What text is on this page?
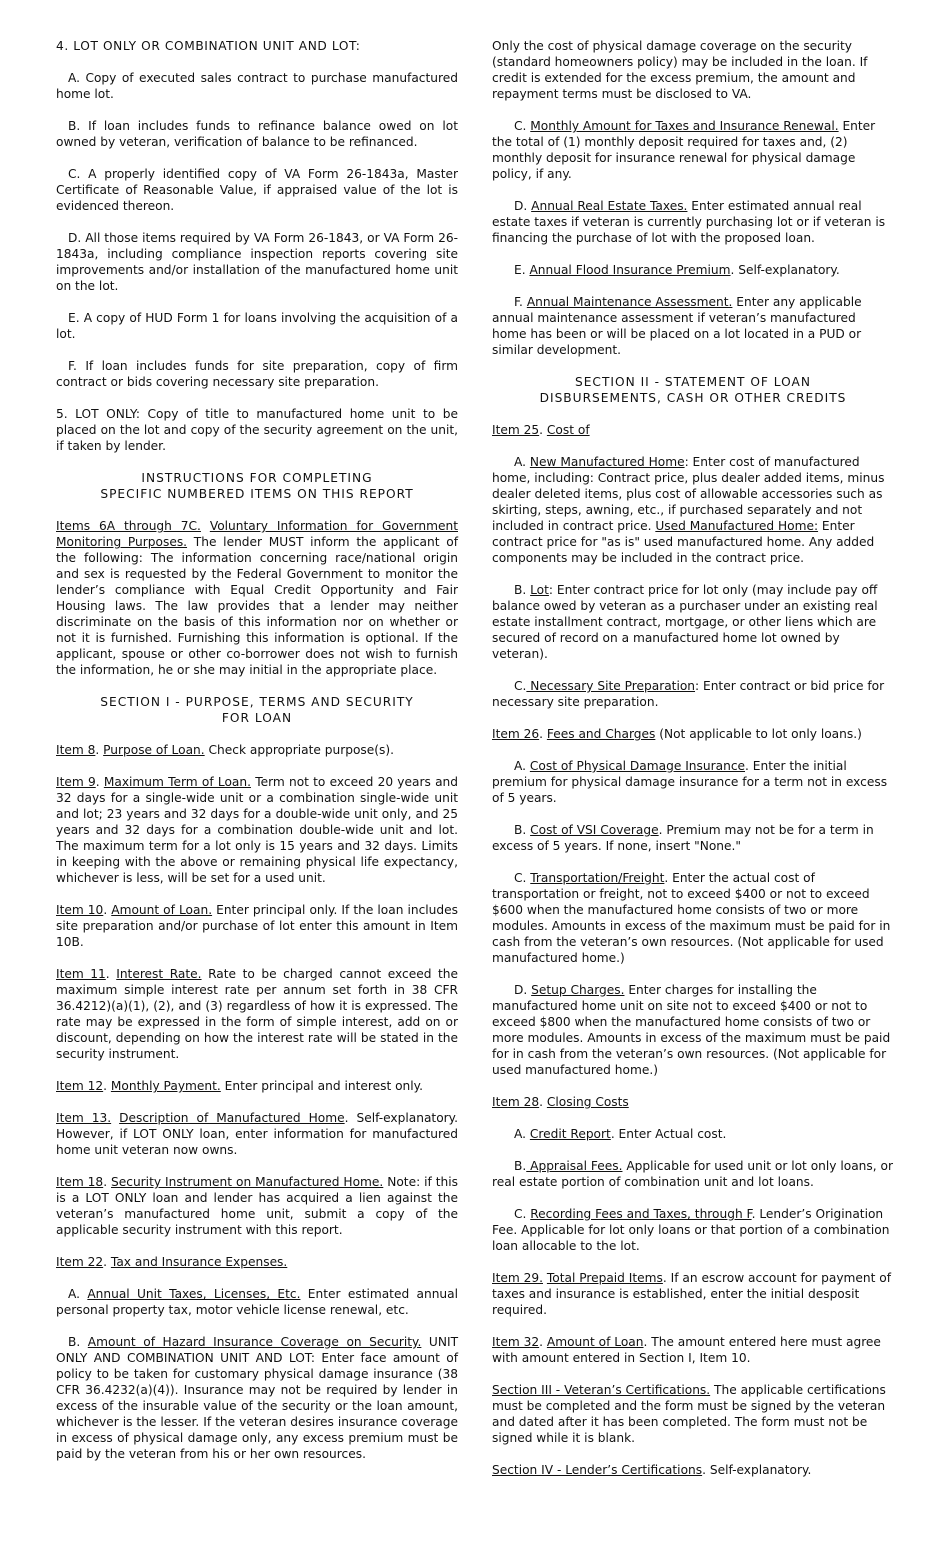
4. LOT ONLY OR COMBINATION UNIT AND LOT:

A. Copy of executed sales contract to purchase manufactured home lot.

B. If loan includes funds to refinance balance owed on lot owned by veteran, verification of balance to be refinanced.

C. A properly identified copy of VA Form 26-1843a, Master Certificate of Reasonable Value, if appraised value of the lot is evidenced thereon.

D. All those items required by VA Form 26-1843, or VA Form 26-1843a, including compliance inspection reports covering site improvements and/or installation of the manufactured home unit on the lot.

E. A copy of HUD Form 1 for loans involving the acquisition of a lot.

F. If loan includes funds for site preparation, copy of firm contract or bids covering necessary site preparation.

5. LOT ONLY: Copy of title to manufactured home unit to be placed on the lot and copy of the security agreement on the unit, if taken by lender.

INSTRUCTIONS FOR COMPLETING
SPECIFIC NUMBERED ITEMS ON THIS REPORT

Items 6A through 7C. Voluntary Information for Government Monitoring Purposes. The lender MUST inform the applicant of the following: The information concerning race/national origin and sex is requested by the Federal Government to monitor the lender’s compliance with Equal Credit Opportunity and Fair Housing laws. The law provides that a lender may neither discriminate on the basis of this information nor on whether or not it is furnished. Furnishing this information is optional. If the applicant, spouse or other co-borrower does not wish to furnish the information, he or she may initial in the appropriate place.

SECTION I - PURPOSE, TERMS AND SECURITY
FOR LOAN

Item 8. Purpose of Loan. Check appropriate purpose(s).

Item 9. Maximum Term of Loan. Term not to exceed 20 years and 32 days for a single-wide unit or a combination single-wide unit and lot; 23 years and 32 days for a double-wide unit only, and 25 years and 32 days for a combination double-wide unit and lot. The maximum term for a lot only is 15 years and 32 days. Limits in keeping with the above or remaining physical life expectancy, whichever is less, will be set for a used unit.

Item 10. Amount of Loan. Enter principal only. If the loan includes site preparation and/or purchase of lot enter this amount in Item 10B.

Item 11. Interest Rate. Rate to be charged cannot exceed the maximum simple interest rate per annum set forth in 38 CFR 36.4212)(a)(1), (2), and (3) regardless of how it is expressed. The rate may be expressed in the form of simple interest, add on or discount, depending on how the interest rate will be stated in the security instrument.

Item 12. Monthly Payment. Enter principal and interest only.

Item 13. Description of Manufactured Home. Self-explanatory. However, if LOT ONLY loan, enter information for manufactured home unit veteran now owns.

Item 18. Security Instrument on Manufactured Home. Note: if this is a LOT ONLY loan and lender has acquired a lien against the veteran’s manufactured home unit, submit a copy of the applicable security instrument with this report.

Item 22. Tax and Insurance Expenses.

A. Annual Unit Taxes, Licenses, Etc. Enter estimated annual personal property tax, motor vehicle license renewal, etc.

B. Amount of Hazard Insurance Coverage on Security. UNIT ONLY AND COMBINATION UNIT AND LOT: Enter face amount of policy to be taken for customary physical damage insurance (38 CFR 36.4232(a)(4)). Insurance may not be required by lender in excess of the insurable value of the security or the loan amount, whichever is the lesser. If the veteran desires insurance coverage in excess of physical damage only, any excess premium must be paid by the veteran from his or her own resources.

Only the cost of physical damage coverage on the security (standard homeowners policy) may be included in the loan. If credit is extended for the excess premium, the amount and repayment terms must be disclosed to VA.

C. Monthly Amount for Taxes and Insurance Renewal. Enter the total of (1) monthly deposit required for taxes and, (2) monthly deposit for insurance renewal for physical damage policy, if any.

D. Annual Real Estate Taxes. Enter estimated annual real estate taxes if veteran is currently purchasing lot or if veteran is financing the purchase of lot with the proposed loan.

E. Annual Flood Insurance Premium. Self-explanatory.

F. Annual Maintenance Assessment. Enter any applicable annual maintenance assessment if veteran’s manufactured home has been or will be placed on a lot located in a PUD or similar development.

SECTION II - STATEMENT OF LOAN
DISBURSEMENTS, CASH OR OTHER CREDITS

Item 25. Cost of

A. New Manufactured Home: Enter cost of manufactured home, including: Contract price, plus dealer added items, minus dealer deleted items, plus cost of allowable accessories such as skirting, steps, awning, etc., if purchased separately and not included in contract price. Used Manufactured Home: Enter contract price for "as is" used manufactured home. Any added components may be included in the contract price.

B. Lot: Enter contract price for lot only (may include pay off balance owed by veteran as a purchaser under an existing real estate installment contract, mortgage, or other liens which are secured of record on a manufactured home lot owned by veteran).

C. Necessary Site Preparation: Enter contract or bid price for necessary site preparation.

Item 26. Fees and Charges (Not applicable to lot only loans.)

A. Cost of Physical Damage Insurance. Enter the initial premium for physical damage insurance for a term not in excess of 5 years.

B. Cost of VSI Coverage. Premium may not be for a term in excess of 5 years. If none, insert "None."

C. Transportation/Freight. Enter the actual cost of transportation or freight, not to exceed $400 or not to exceed $600 when the manufactured home consists of two or more modules. Amounts in excess of the maximum must be paid for in cash from the veteran’s own resources. (Not applicable for used manufactured home.)

D. Setup Charges. Enter charges for installing the manufactured home unit on site not to exceed $400 or not to exceed $800 when the manufactured home consists of two or more modules. Amounts in excess of the maximum must be paid for in cash from the veteran’s own resources. (Not applicable for used manufactured home.)

Item 28. Closing Costs

A. Credit Report. Enter Actual cost.

B. Appraisal Fees. Applicable for used unit or lot only loans, or real estate portion of combination unit and lot loans.

C. Recording Fees and Taxes, through F. Lender’s Origination Fee. Applicable for lot only loans or that portion of a combination loan allocable to the lot.

Item 29. Total Prepaid Items. If an escrow account for payment of taxes and insurance is established, enter the initial desposit required.

Item 32. Amount of Loan. The amount entered here must agree with amount entered in Section I, Item 10.

Section III - Veteran’s Certifications. The applicable certifications must be completed and the form must be signed by the veteran and dated after it has been completed. The form must not be signed while it is blank.

Section IV - Lender’s Certifications. Self-explanatory.
